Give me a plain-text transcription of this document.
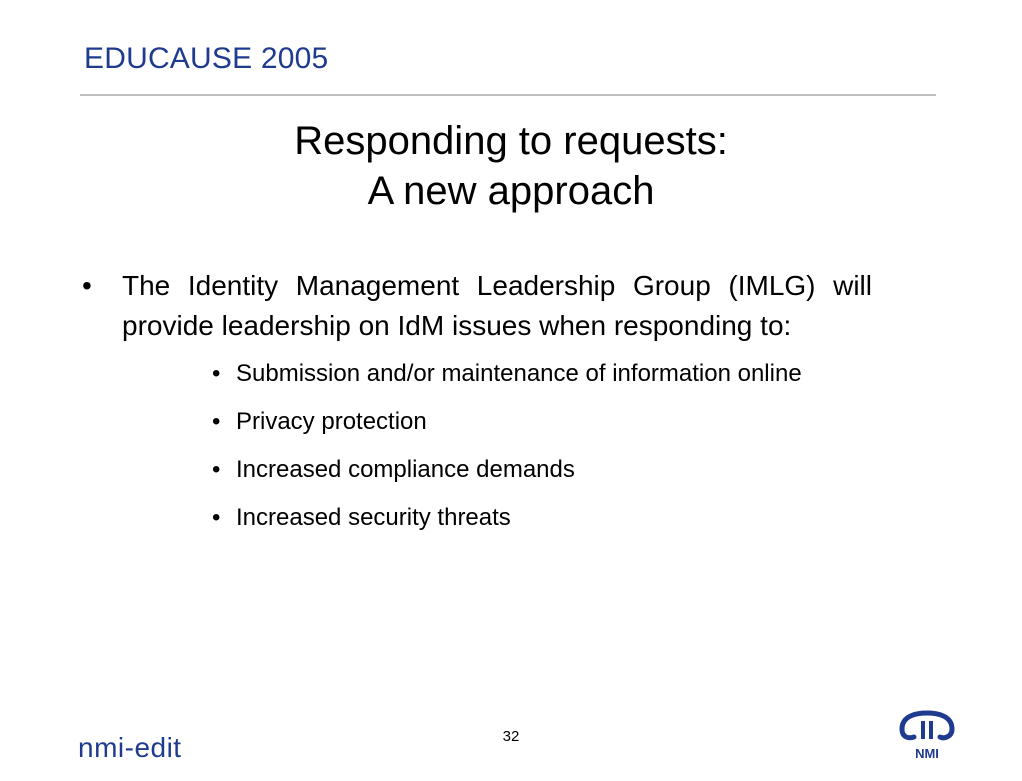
EDUCAUSE 2005
Responding to requests:
A new approach
• The Identity Management Leadership Group (IMLG) will provide leadership on IdM issues when responding to:
• Submission and/or maintenance of information online
• Privacy protection
• Increased compliance demands
• Increased security threats
32
nmi-edit	NMI
